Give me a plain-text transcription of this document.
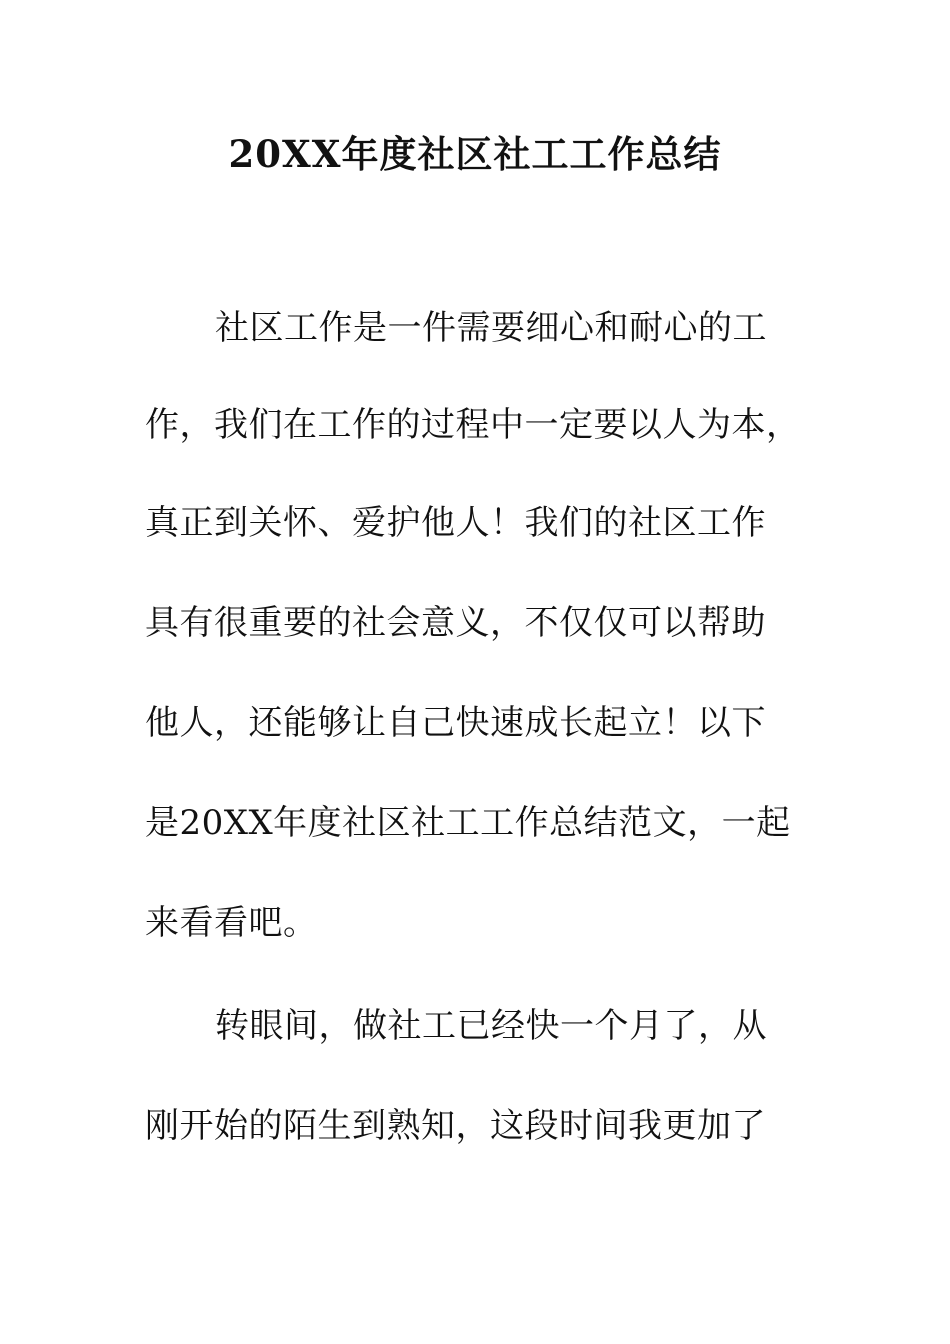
20XX年度社区社工工作总结

社区工作是一件需要细心和耐心的工

作，我们在工作的过程中一定要以人为本，

真正到关怀、爱护他人！我们的社区工作

具有很重要的社会意义，不仅仅可以帮助

他人，还能够让自己快速成长起立！以下

是20XX年度社区社工工作总结范文，一起

来看看吧。

转眼间，做社工已经快一个月了，从

刚开始的陌生到熟知，这段时间我更加了
